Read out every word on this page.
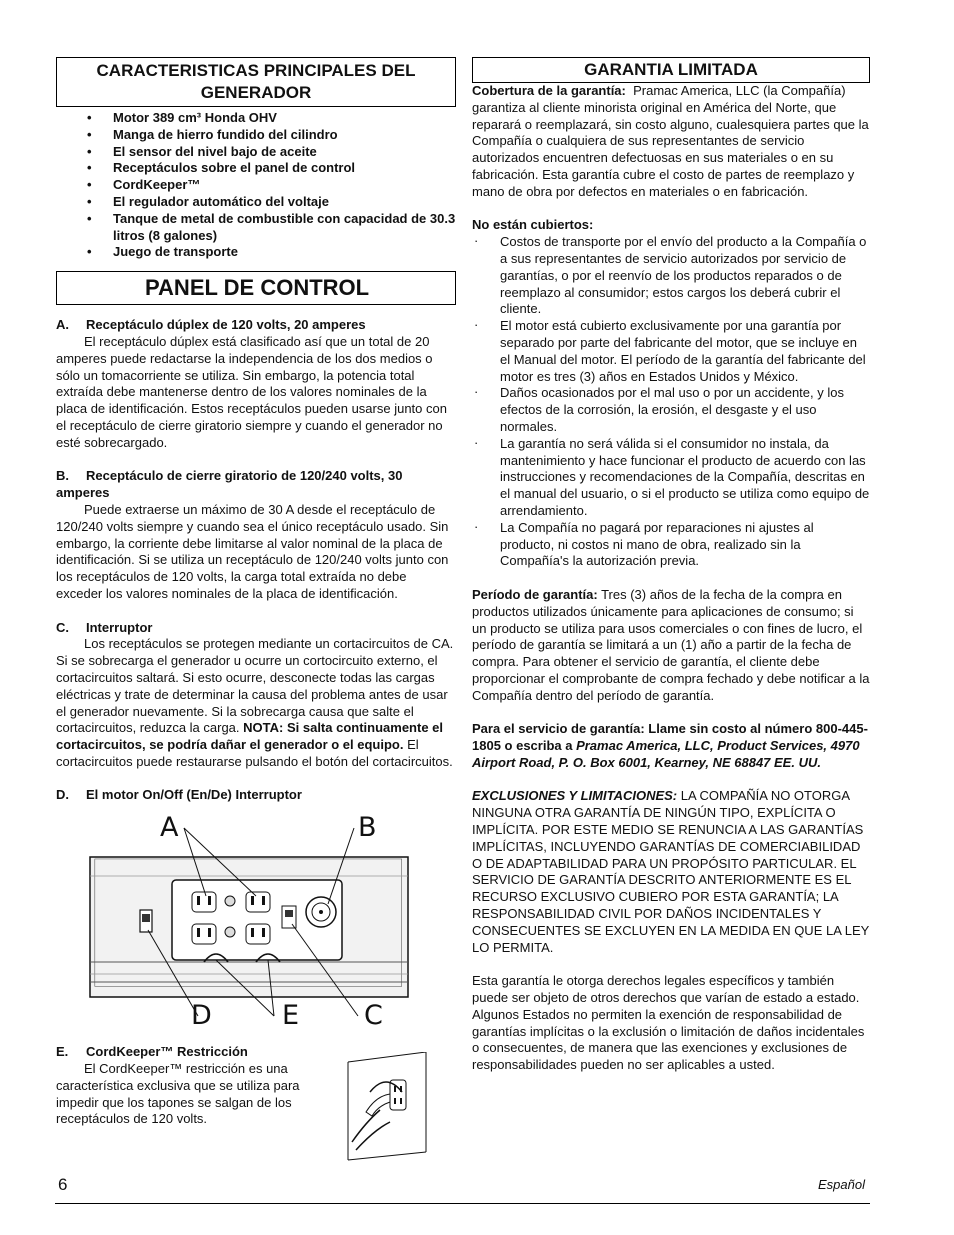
CARACTERISTICAS PRINCIPALES DEL GENERADOR
• Motor 389 cm³ Honda OHV
• Manga de hierro fundido del cilindro
• El sensor del nivel bajo de aceite
• Receptáculos sobre el panel de control
• CordKeeper™
• El regulador automático del voltaje
• Tanque de metal de combustible con capacidad de 30.3 litros (8 galones)
• Juego de transporte
PANEL DE CONTROL
A. Receptáculo dúplex de 120 volts, 20 amperes
El receptáculo dúplex está clasificado así que un total de 20 amperes puede redactarse la independencia de los dos medios o sólo un tomacorriente se utiliza. Sin embargo, la potencia total extraída debe mantenerse dentro de los valores nominales de la placa de identificación. Estos receptáculos pueden usarse junto con el receptáculo de cierre giratorio siempre y cuando el generador no esté sobrecargado.
B. Receptáculo de cierre giratorio de 120/240 volts, 30 amperes
Puede extraerse un máximo de 30 A desde el receptáculo de 120/240 volts siempre y cuando sea el único receptáculo usado. Sin embargo, la corriente debe limitarse al valor nominal de la placa de identificación. Si se utiliza un receptáculo de 120/240 volts junto con los receptáculos de 120 volts, la carga total extraída no debe exceder los valores nominales de la placa de identificación.
C. Interruptor
Los receptáculos se protegen mediante un cortacircuitos de CA. Si se sobrecarga el generador u ocurre un cortocircuito externo, el cortacircuitos saltará. Si esto ocurre, desconecte todas las cargas eléctricas y trate de determinar la causa del problema antes de usar el generador nuevamente. Si la sobrecarga causa que salte el cortacircuitos, reduzca la carga. NOTA: Si salta continuamente el cortacircuitos, se podría dañar el generador o el equipo. El cortacircuitos puede restaurarse pulsando el botón del cortacircuitos.
D. El motor On/Off (En/De) Interruptor
A	B
D	E C
E. CordKeeper™ Restricción
El CordKeeper™ restricción es una característica exclusiva que se utiliza para impedir que los tapones se salgan de los receptáculos de 120 volts.
GARANTIA LIMITADA
Cobertura de la garantía: Pramac America, LLC (la Compañía) garantiza al cliente minorista original en América del Norte, que reparará o reemplazará, sin costo alguno, cualesquiera partes que la Compañía o cualquiera de sus representantes de servicio autorizados encuentren defectuosas en sus materiales o en su fabricación. Esta garantía cubre el costo de partes de reemplazo y mano de obra por defectos en materiales o en fabricación.
No están cubiertos:
· Costos de transporte por el envío del producto a la Compañía o a sus representantes de servicio autorizados por servicio de garantías, o por el reenvío de los productos reparados o de reemplazo al consumidor; estos cargos los deberá cubrir el cliente.
· El motor está cubierto exclusivamente por una garantía por separado por parte del fabricante del motor, que se incluye en el Manual del motor. El período de la garantía del fabricante del motor es tres (3) años en Estados Unidos y México.
· Daños ocasionados por el mal uso o por un accidente, y los efectos de la corrosión, la erosión, el desgaste y el uso normales.
· La garantía no será válida si el consumidor no instala, da mantenimiento y hace funcionar el producto de acuerdo con las instrucciones y recomendaciones de la Compañía, descritas en el manual del usuario, o si el producto se utiliza como equipo de arrendamiento.
· La Compañía no pagará por reparaciones ni ajustes al producto, ni costos ni mano de obra, realizado sin la Compañía's la autorización previa.
Período de garantía: Tres (3) años de la fecha de la compra en productos utilizados únicamente para aplicaciones de consumo; si un producto se utiliza para usos comerciales o con fines de lucro, el período de garantía se limitará a un (1) año a partir de la fecha de compra. Para obtener el servicio de garantía, el cliente debe proporcionar el comprobante de compra fechado y debe notificar a la Compañía dentro del período de garantía.
Para el servicio de garantía: Llame sin costo al número 800-445-1805 o escriba a Pramac America, LLC, Product Services, 4970 Airport Road, P. O. Box 6001, Kearney, NE 68847 EE. UU.
EXCLUSIONES Y LIMITACIONES: LA COMPAÑÍA NO OTORGA NINGUNA OTRA GARANTÍA DE NINGÚN TIPO, EXPLÍCITA O IMPLÍCITA. POR ESTE MEDIO SE RENUNCIA A LAS GARANTÍAS IMPLÍCITAS, INCLUYENDO GARANTÍAS DE COMERCIABILIDAD O DE ADAPTABILIDAD PARA UN PROPÓSITO PARTICULAR. EL SERVICIO DE GARANTÍA DESCRITO ANTERIORMENTE ES EL RECURSO EXCLUSIVO CUBIERO POR ESTA GARANTÍA; LA RESPONSABILIDAD CIVIL POR DAÑOS INCIDENTALES Y CONSECUENTES SE EXCLUYEN EN LA MEDIDA EN QUE LA LEY LO PERMITA.
Esta garantía le otorga derechos legales específicos y también puede ser objeto de otros derechos que varían de estado a estado. Algunos Estados no permiten la exención de responsabilidad de garantías implícitas o la exclusión o limitación de daños incidentales o consecuentes, de manera que las exenciones y exclusiones de responsabilidades pueden no ser aplicables a usted.
6	Español
